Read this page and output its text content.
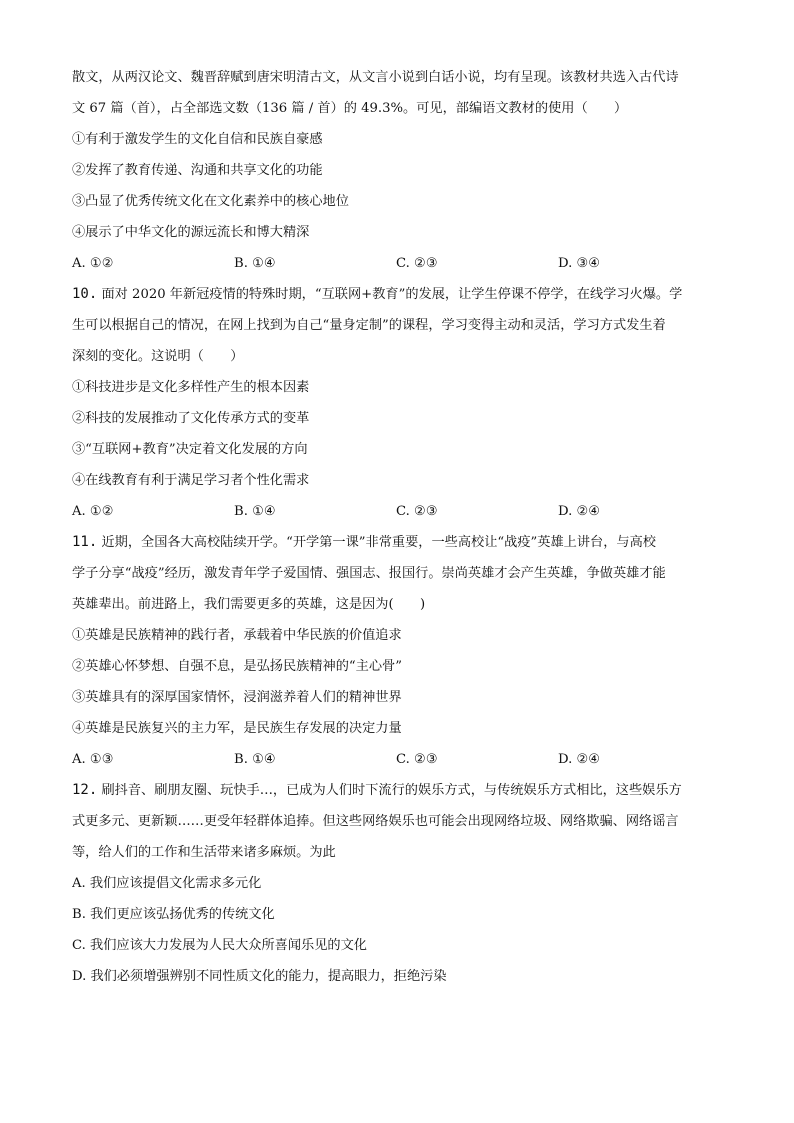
散文，从两汉论文、魏晋辞赋到唐宋明清古文，从文言小说到白话小说，均有呈现。该教材共选入古代诗
文 67 篇（首），占全部选文数（136 篇 / 首）的 49.3%。可见，部编语文教材的使用（　　）
①有利于激发学生的文化自信和民族自豪感
②发挥了教育传递、沟通和共享文化的功能
③凸显了优秀传统文化在文化素养中的核心地位
④展示了中华文化的源远流长和博大精深
A. ①②	B. ①④	C. ②③	D. ③④
10. 面对 2020 年新冠疫情的特殊时期，“互联网+教育”的发展，让学生停课不停学，在线学习火爆。学
生可以根据自己的情况，在网上找到为自己“量身定制”的课程，学习变得主动和灵活，学习方式发生着
深刻的变化。这说明（　　）
①科技进步是文化多样性产生的根本因素
②科技的发展推动了文化传承方式的变革
③“互联网+教育”决定着文化发展的方向
④在线教育有利于满足学习者个性化需求
A. ①②	B. ①④	C. ②③	D. ②④
11. 近期，全国各大高校陆续开学。“开学第一课”非常重要，一些高校让“战疫”英雄上讲台，与高校
学子分享“战疫”经历，激发青年学子爱国情、强国志、报国行。崇尚英雄才会产生英雄，争做英雄才能
英雄辈出。前进路上，我们需要更多的英雄，这是因为(　　)
①英雄是民族精神的践行者，承载着中华民族的价值追求
②英雄心怀梦想、自强不息，是弘扬民族精神的“主心骨”
③英雄具有的深厚国家情怀，浸润滋养着人们的精神世界
④英雄是民族复兴的主力军，是民族生存发展的决定力量
A. ①③	B. ①④	C. ②③	D. ②④
12. 刷抖音、刷朋友圈、玩快手…，已成为人们时下流行的娱乐方式，与传统娱乐方式相比，这些娱乐方
式更多元、更新颖……更受年轻群体追捧。但这些网络娱乐也可能会出现网络垃圾、网络欺骗、网络谣言
等，给人们的工作和生活带来诸多麻烦。为此
A. 我们应该提倡文化需求多元化
B. 我们更应该弘扬优秀的传统文化
C. 我们应该大力发展为人民大众所喜闻乐见的文化
D. 我们必须增强辨别不同性质文化的能力，提高眼力，拒绝污染
